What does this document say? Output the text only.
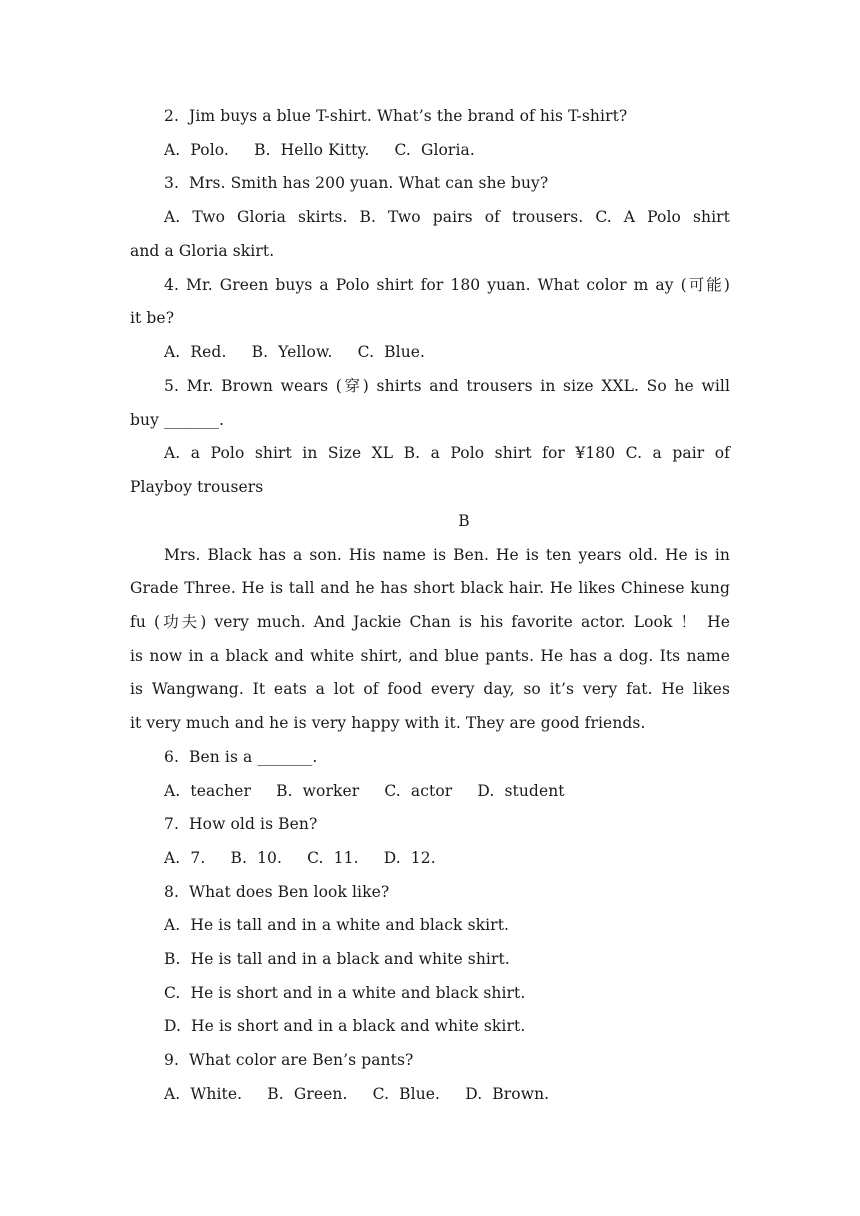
2.  Jim buys a blue T-shirt. What’s the brand of his T-shirt?
A.  Polo.     B.  Hello Kitty.     C.  Gloria.
3.  Mrs. Smith has 200 yuan. What can she buy?
A. Two Gloria skirts. B. Two pairs of trousers. C. A Polo shirt
and a Gloria skirt.
4. Mr. Green buys a Polo shirt for 180 yuan. What color m ay (可能)
it be?
A.  Red.     B.  Yellow.     C.  Blue.
5. Mr. Brown wears (穿) shirts and trousers in size XXL. So he will
buy _______.
A. a Polo shirt in Size XL B. a Polo shirt for ¥180 C. a pair of
Playboy trousers
B
Mrs. Black has a son. His name is Ben. He is ten years old. He is in
Grade Three. He is tall and he has short black hair. He likes Chinese kung
fu (功夫) very much. And Jackie Chan is his favorite actor. Look ！ He
is now in a black and white shirt, and blue pants. He has a dog. Its name
is Wangwang. It eats a lot of food every day, so it’s very fat. He likes
it very much and he is very happy with it. They are good friends.
6.  Ben is a _______.
A.  teacher     B.  worker     C.  actor     D.  student
7.  How old is Ben?
A.  7.     B.  10.     C.  11.     D.  12.
8.  What does Ben look like?
A.  He is tall and in a white and black skirt.
B.  He is tall and in a black and white shirt.
C.  He is short and in a white and black shirt.
D.  He is short and in a black and white skirt.
9.  What color are Ben’s pants?
A.  White.     B.  Green.     C.  Blue.     D.  Brown.
